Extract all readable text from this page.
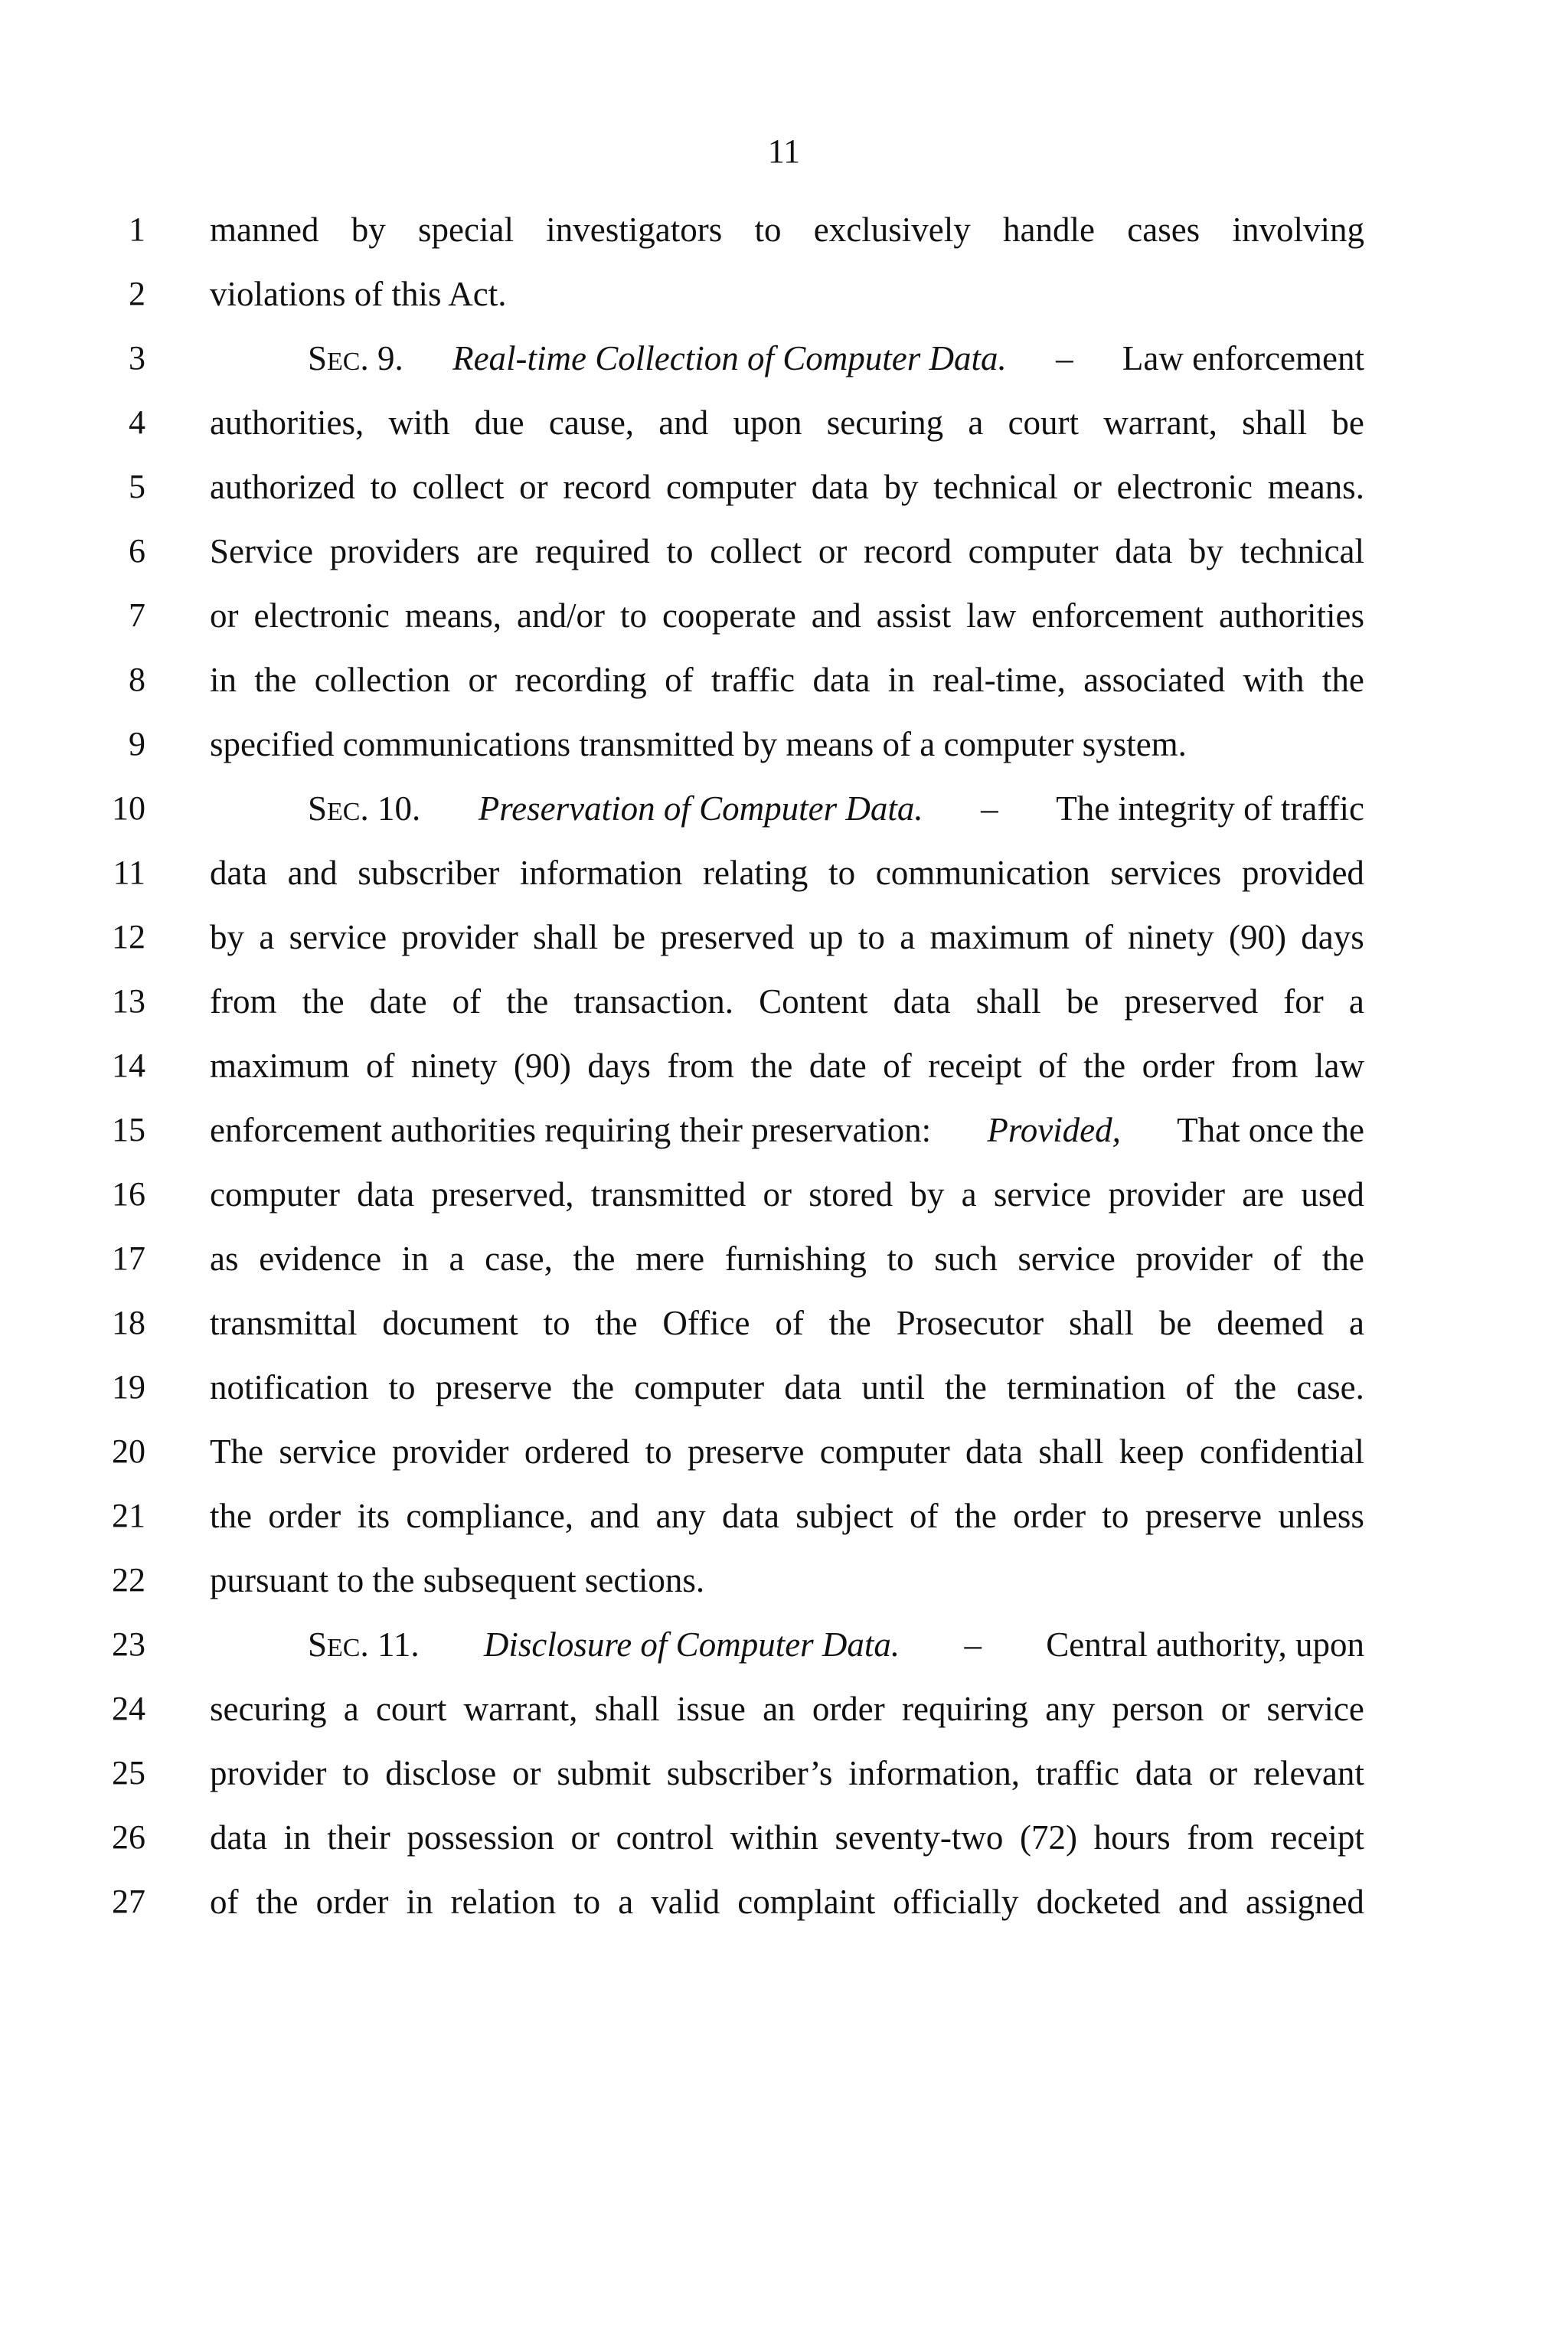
11
1 manned by special investigators to exclusively handle cases involving
2 violations of this Act.
3	SEC. 9. Real-time Collection of Computer Data. – Law enforcement
4 authorities, with due cause, and upon securing a court warrant, shall be
5 authorized to collect or record computer data by technical or electronic means.
6 Service providers are required to collect or record computer data by technical
7 or electronic means, and/or to cooperate and assist law enforcement authorities
8 in the collection or recording of traffic data in real-time, associated with the
9 specified communications transmitted by means of a computer system.
10	SEC. 10. Preservation of Computer Data. – The integrity of traffic
11 data and subscriber information relating to communication services provided
12 by a service provider shall be preserved up to a maximum of ninety (90) days
13 from the date of the transaction. Content data shall be preserved for a
14 maximum of ninety (90) days from the date of receipt of the order from law
15 enforcement authorities requiring their preservation: Provided, That once the
16 computer data preserved, transmitted or stored by a service provider are used
17 as evidence in a case, the mere furnishing to such service provider of the
18 transmittal document to the Office of the Prosecutor shall be deemed a
19 notification to preserve the computer data until the termination of the case.
20 The service provider ordered to preserve computer data shall keep confidential
21 the order its compliance, and any data subject of the order to preserve unless
22 pursuant to the subsequent sections.
23	SEC. 11. Disclosure of Computer Data. – Central authority, upon
24 securing a court warrant, shall issue an order requiring any person or service
25 provider to disclose or submit subscriber’s information, traffic data or relevant
26 data in their possession or control within seventy-two (72) hours from receipt
27 of the order in relation to a valid complaint officially docketed and assigned
